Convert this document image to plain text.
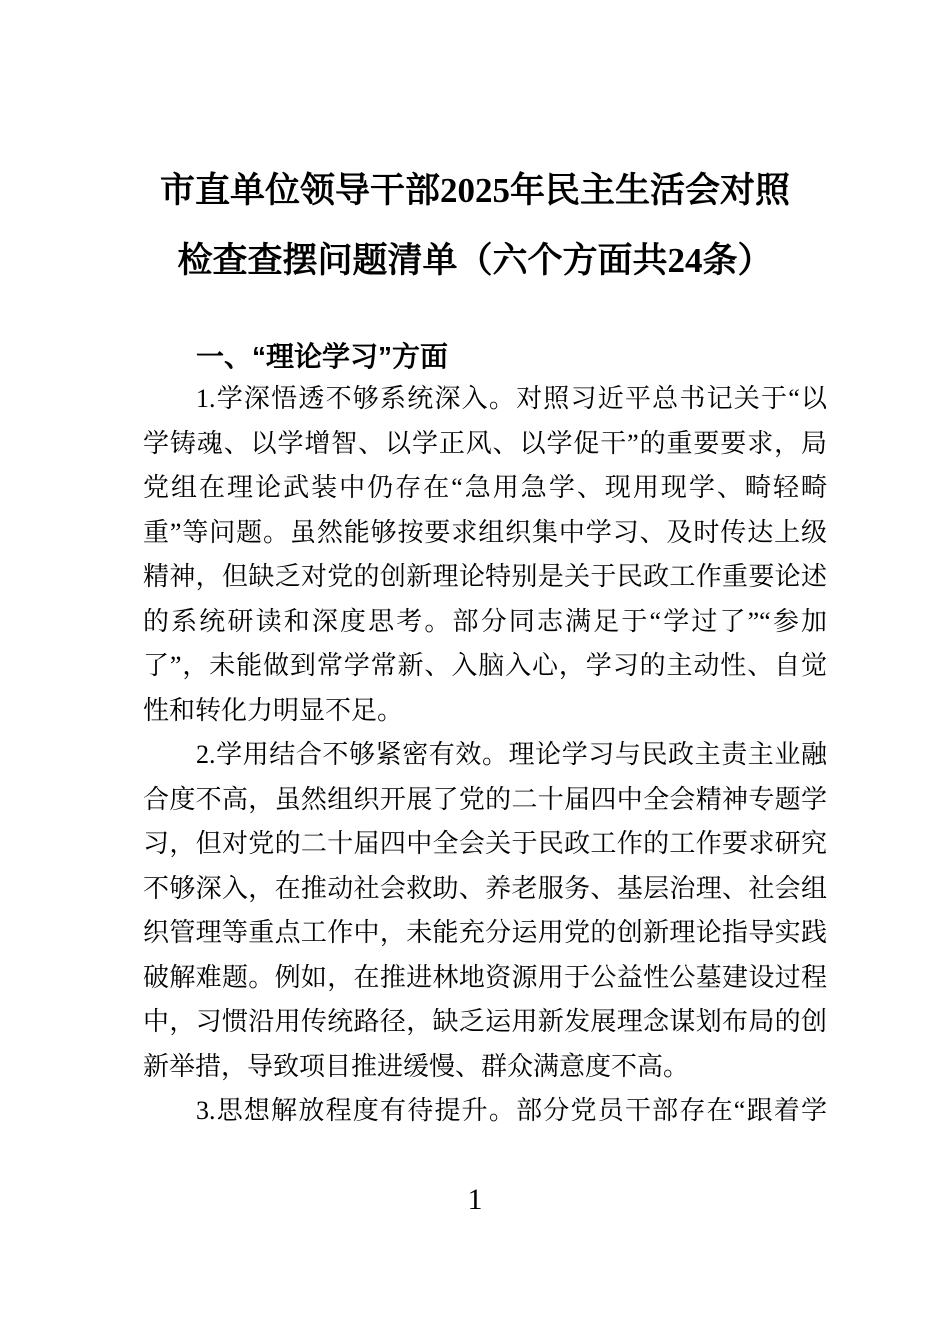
市直单位领导干部2025年民主生活会对照
检查查摆问题清单（六个方面共24条）
一、“理论学习”方面
1.学深悟透不够系统深入。对照习近平总书记关于“以
学铸魂、以学增智、以学正风、以学促干”的重要要求，局
党组在理论武装中仍存在“急用急学、现用现学、畸轻畸
重”等问题。虽然能够按要求组织集中学习、及时传达上级
精神，但缺乏对党的创新理论特别是关于民政工作重要论述
的系统研读和深度思考。部分同志满足于“学过了”“参加
了”，未能做到常学常新、入脑入心，学习的主动性、自觉
性和转化力明显不足。
2.学用结合不够紧密有效。理论学习与民政主责主业融
合度不高，虽然组织开展了党的二十届四中全会精神专题学
习，但对党的二十届四中全会关于民政工作的工作要求研究
不够深入，在推动社会救助、养老服务、基层治理、社会组
织管理等重点工作中，未能充分运用党的创新理论指导实践
破解难题。例如，在推进林地资源用于公益性公墓建设过程
中，习惯沿用传统路径，缺乏运用新发展理念谋划布局的创
新举措，导致项目推进缓慢、群众满意度不高。
3.思想解放程度有待提升。部分党员干部存在“跟着学
1
